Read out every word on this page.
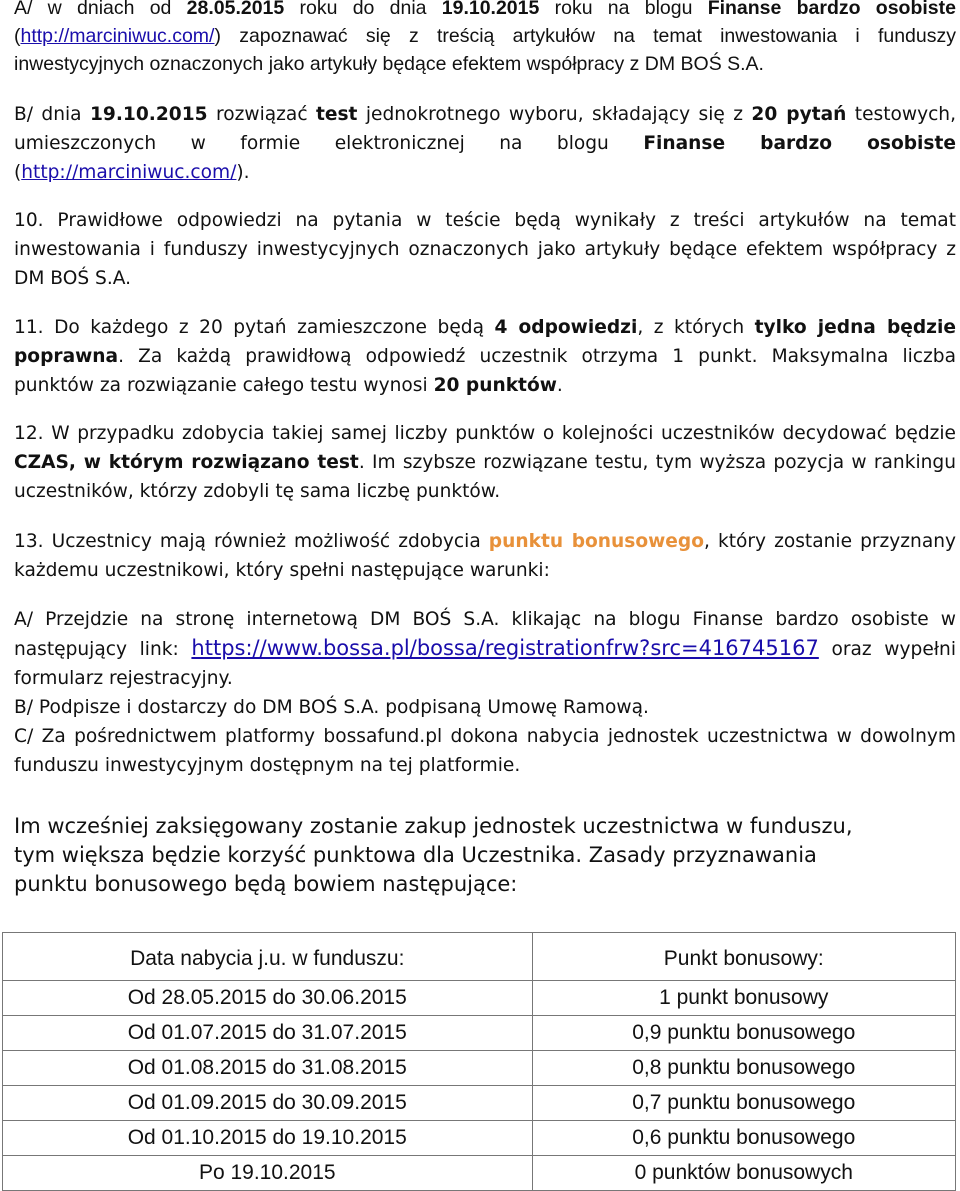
A/ w dniach od 28.05.2015 roku do dnia 19.10.2015 roku na blogu Finanse bardzo osobiste (http://marciniwuc.com/) zapoznawać się z treścią artykułów na temat inwestowania i funduszy inwestycyjnych oznaczonych jako artykuły będące efektem współpracy z DM BOŚ S.A.

B/ dnia 19.10.2015 rozwiązać test jednokrotnego wyboru, składający się z 20 pytań testowych, umieszczonych w formie elektronicznej na blogu Finanse bardzo osobiste (http://marciniwuc.com/).

10. Prawidłowe odpowiedzi na pytania w teście będą wynikały z treści artykułów na temat inwestowania i funduszy inwestycyjnych oznaczonych jako artykuły będące efektem współpracy z DM BOŚ S.A.

11. Do każdego z 20 pytań zamieszczone będą 4 odpowiedzi, z których tylko jedna będzie poprawna. Za każdą prawidłową odpowiedź uczestnik otrzyma 1 punkt. Maksymalna liczba punktów za rozwiązanie całego testu wynosi 20 punktów.

12. W przypadku zdobycia takiej samej liczby punktów o kolejności uczestników decydować będzie CZAS, w którym rozwiązano test. Im szybsze rozwiązane testu, tym wyższa pozycja w rankingu uczestników, którzy zdobyli tę sama liczbę punktów.

13. Uczestnicy mają również możliwość zdobycia punktu bonusowego, który zostanie przyznany każdemu uczestnikowi, który spełni następujące warunki:

A/ Przejdzie na stronę internetową DM BOŚ S.A. klikając na blogu Finanse bardzo osobiste w następujący link: https://www.bossa.pl/bossa/registrationfrw?src=416745167 oraz wypełni formularz rejestracyjny.

B/ Podpisze i dostarczy do DM BOŚ S.A. podpisaną Umowę Ramową.

C/ Za pośrednictwem platformy bossafund.pl dokona nabycia jednostek uczestnictwa w dowolnym funduszu inwestycyjnym dostępnym na tej platformie.

Im wcześniej zaksięgowany zostanie zakup jednostek uczestnictwa w funduszu, tym większa będzie korzyść punktowa dla Uczestnika. Zasady przyznawania punktu bonusowego będą bowiem następujące:

Data nabycia j.u. w funduszu:	Punkt bonusowy:
Od 28.05.2015 do 30.06.2015	1 punkt bonusowy
Od 01.07.2015 do 31.07.2015	0,9 punktu bonusowego
Od 01.08.2015 do 31.08.2015	0,8 punktu bonusowego
Od 01.09.2015 do 30.09.2015	0,7 punktu bonusowego
Od 01.10.2015 do 19.10.2015	0,6 punktu bonusowego
Po 19.10.2015	0 punktów bonusowych
